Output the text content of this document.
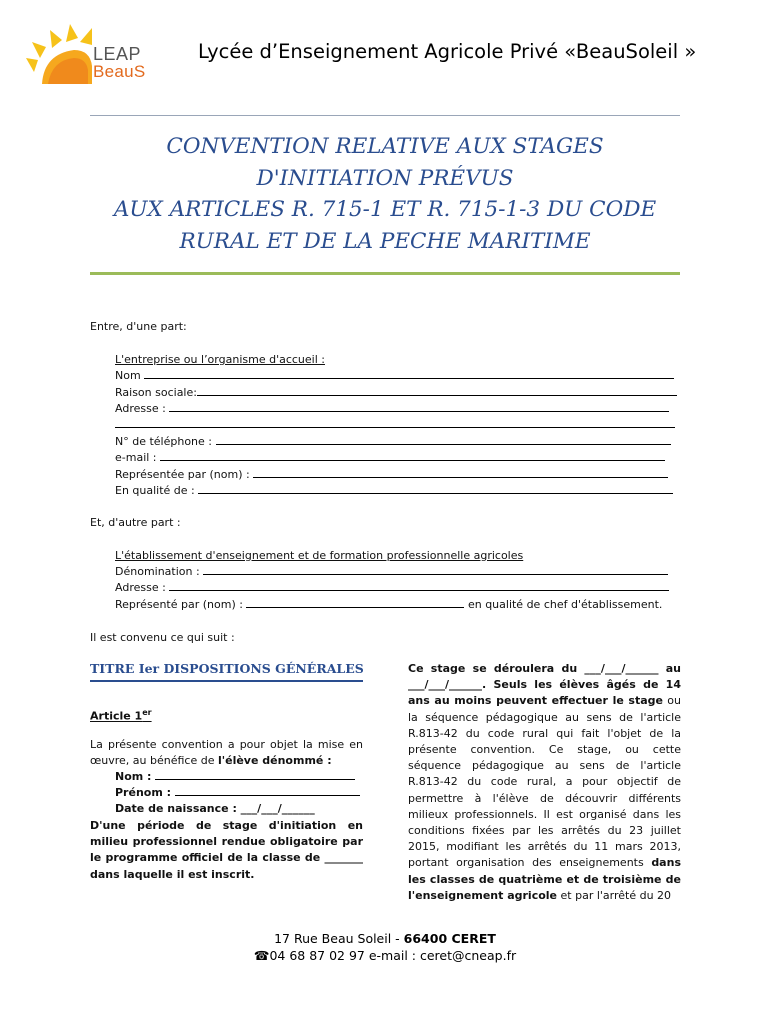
LEAP
BeauS
Lycée d’Enseignement Agricole Privé «BeauSoleil »
CONVENTION RELATIVE AUX STAGES
D'INITIATION PRÉVUS
AUX ARTICLES R. 715-1 ET R. 715-1-3 DU CODE
RURAL ET DE LA PECHE MARITIME
Entre, d'une part:
L'entreprise ou l’organisme d'accueil :
Nom
Raison sociale:
Adresse :
N° de téléphone :
e-mail :
Représentée par (nom) :
En qualité de :
Et, d'autre part :
L'établissement d'enseignement et de formation professionnelle agricoles
Dénomination :
Adresse :
Représenté par (nom) :	en qualité de chef d'établissement.
Il est convenu ce qui suit :
TITRE Ier DISPOSITIONS GÉNÉRALES
Article 1er
La présente convention a pour objet la mise en œuvre, au bénéfice de l'élève dénommé :
Nom :
Prénom :
Date de naissance : ___/___/______
D'une période de stage d'initiation en milieu professionnel rendue obligatoire par le programme officiel de la classe de _______ dans laquelle il est inscrit.
Ce stage se déroulera du ___/___/______ au ___/___/______. Seuls les élèves âgés de 14 ans au moins peuvent effectuer le stage ou la séquence pédagogique au sens de l'article R.813-42 du code rural qui fait l'objet de la présente convention. Ce stage, ou cette séquence pédagogique au sens de l'article R.813-42 du code rural, a pour objectif de permettre à l'élève de découvrir différents milieux professionnels. Il est organisé dans les conditions fixées par les arrêtés du 23 juillet 2015, modifiant les arrêtés du 11 mars 2013, portant organisation des enseignements dans les classes de quatrième et de troisième de l'enseignement agricole et par l'arrêté du 20
17 Rue Beau Soleil - 66400 CERET
☎04 68 87 02 97 e-mail : ceret@cneap.fr
